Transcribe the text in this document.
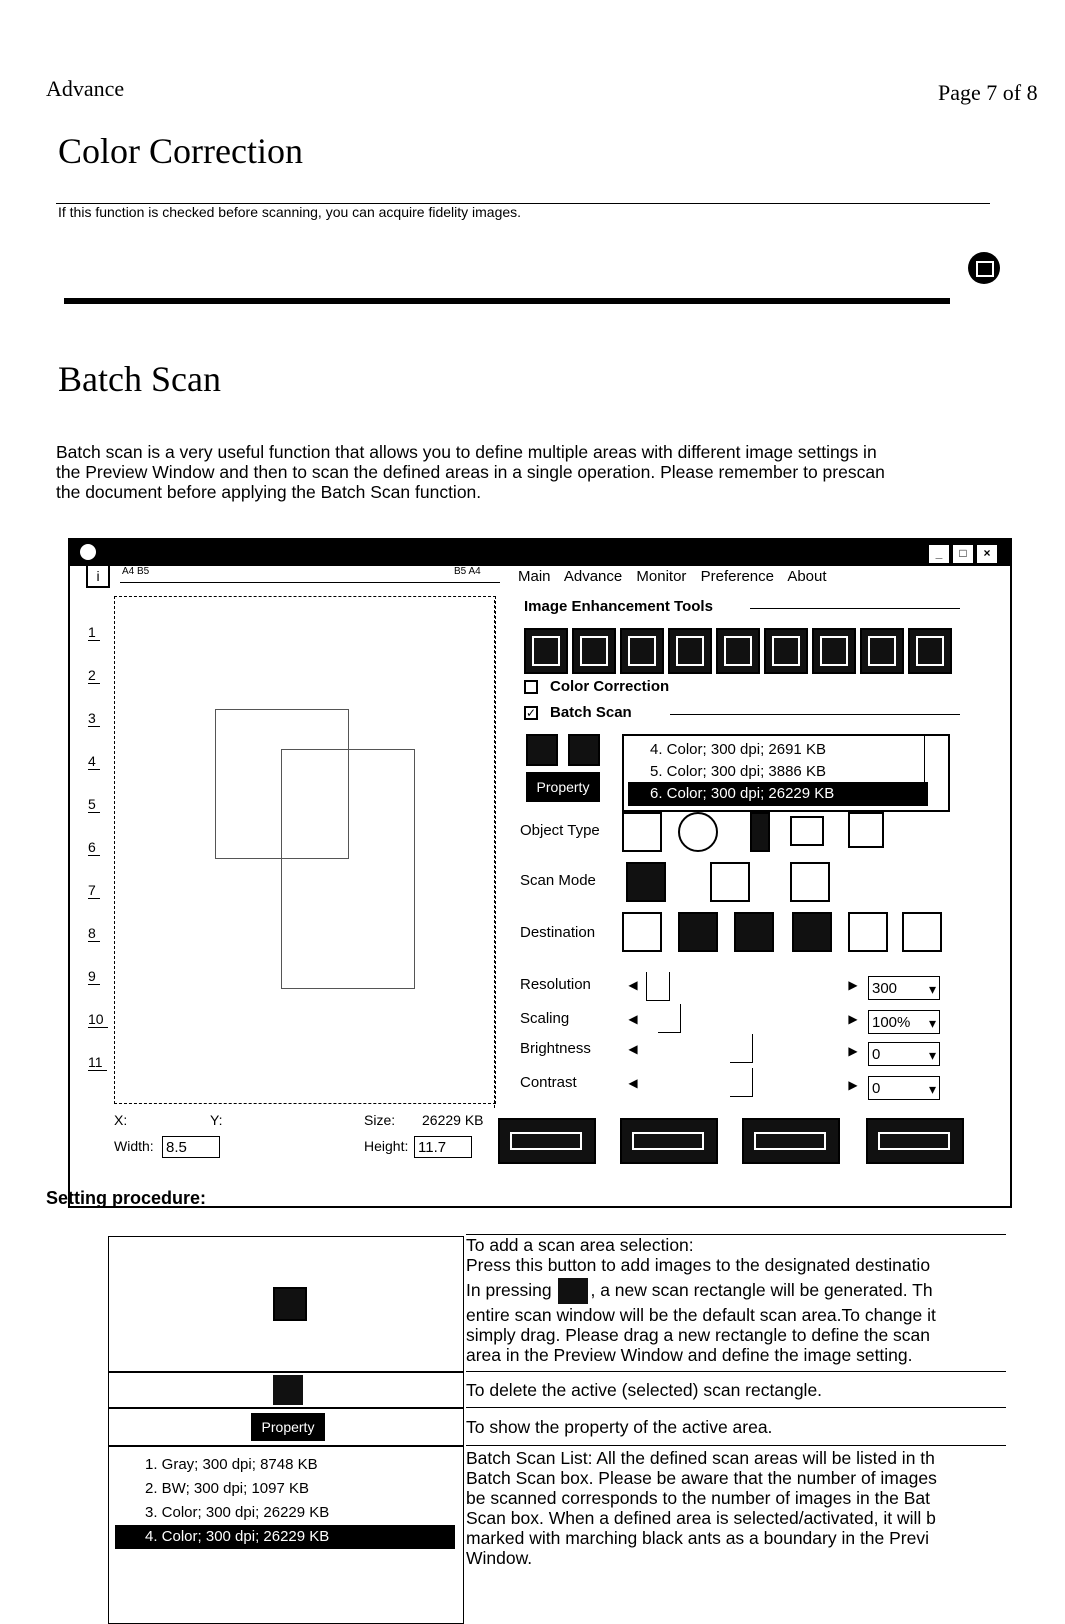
Advance	Page 7 of 8
Color Correction
If this function is checked before scanning, you can acquire fidelity images.
Batch Scan
Batch scan is a very useful function that allows you to define multiple areas with different image settings in
the Preview Window and then to scan the defined areas in a single operation. Please remember to prescan
the document before applying the Batch Scan function.
_	□	×
i	A4 B5	B5 A4
1
2
3
4
5
6
7
8
9
10
11
X:	Y:	Size: 26229 KB
Width: 8.5	Height: 11.7
Main Advance Monitor Preference About
Image Enhancement Tools
Color Correction
✓ Batch Scan
Property
4. Color; 300 dpi; 2691 KB
5. Color; 300 dpi; 3886 KB
6. Color; 300 dpi; 26229 KB
Object Type
Scan Mode
Destination
Resolution	◀	▶ 300 ▾
Scaling	◀	▶ 100% ▾
Brightness	◀	▶ 0 ▾
Contrast	◀	▶ 0 ▾
Setting procedure:
To add a scan area selection:
Press this button to add images to the designated destinatio
In pressing , a new scan rectangle will be generated. Th
entire scan window will be the default scan area.To change it
simply drag. Please drag a new rectangle to define the scan
area in the Preview Window and define the image setting.
To delete the active (selected) scan rectangle.
Property	To show the property of the active area.
1. Gray; 300 dpi; 8748 KB
2. BW; 300 dpi; 1097 KB
3. Color; 300 dpi; 26229 KB
4. Color; 300 dpi; 26229 KB
Batch Scan List: All the defined scan areas will be listed in th
Batch Scan box. Please be aware that the number of images
be scanned corresponds to the number of images in the Bat
Scan box. When a defined area is selected/activated, it will b
marked with marching black ants as a boundary in the Previ
Window.
